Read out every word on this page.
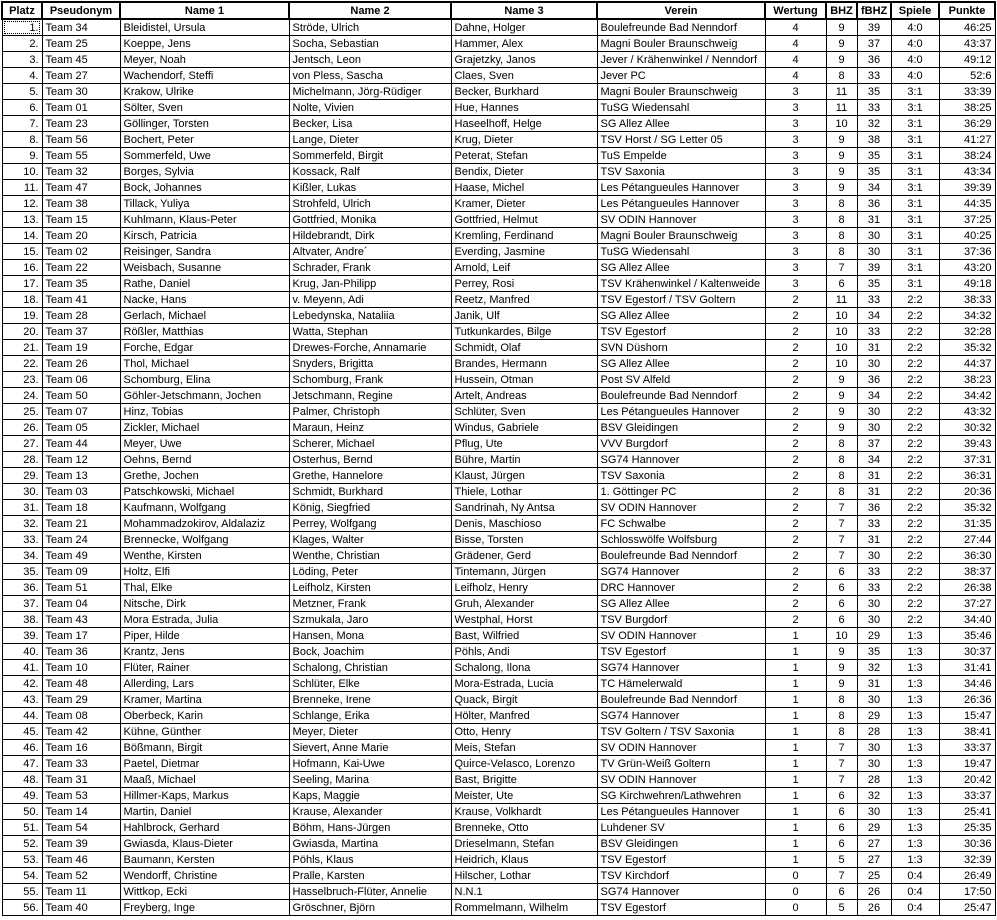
Platz	Pseudonym	Name 1	Name 2	Name 3	Verein	Wertung	BHZ	fBHZ	Spiele	Punkte
1.	Team 34	Bleidistel, Ursula	Ströde, Ulrich	Dahne, Holger	Boulefreunde Bad Nenndorf	4	9	39	4:0	46:25
2.	Team 25	Koeppe, Jens	Socha, Sebastian	Hammer, Alex	Magni Bouler Braunschweig	4	9	37	4:0	43:37
3.	Team 45	Meyer, Noah	Jentsch, Leon	Grajetzky, Janos	Jever / Krähenwinkel / Nenndorf	4	9	36	4:0	49:12
4.	Team 27	Wachendorf, Steffi	von Pless, Sascha	Claes, Sven	Jever PC	4	8	33	4:0	52:6
5.	Team 30	Krakow, Ulrike	Michelmann, Jörg-Rüdiger	Becker, Burkhard	Magni Bouler Braunschweig	3	11	35	3:1	33:39
6.	Team 01	Sölter, Sven	Nolte, Vivien	Hue, Hannes	TuSG Wiedensahl	3	11	33	3:1	38:25
7.	Team 23	Göllinger, Torsten	Becker, Lisa	Haseelhoff, Helge	SG Allez Allee	3	10	32	3:1	36:29
8.	Team 56	Bochert, Peter	Lange, Dieter	Krug, Dieter	TSV Horst / SG Letter 05	3	9	38	3:1	41:27
9.	Team 55	Sommerfeld, Uwe	Sommerfeld, Birgit	Peterat, Stefan	TuS Empelde	3	9	35	3:1	38:24
10.	Team 32	Borges, Sylvia	Kossack, Ralf	Bendix, Dieter	TSV Saxonia	3	9	35	3:1	43:34
11.	Team 47	Bock, Johannes	Kißler, Lukas	Haase, Michel	Les Pétangueules Hannover	3	9	34	3:1	39:39
12.	Team 38	Tillack, Yuliya	Strohfeld, Ulrich	Kramer, Dieter	Les Pétangueules Hannover	3	8	36	3:1	44:35
13.	Team 15	Kuhlmann, Klaus-Peter	Gottfried, Monika	Gottfried, Helmut	SV ODIN Hannover	3	8	31	3:1	37:25
14.	Team 20	Kirsch, Patricia	Hildebrandt, Dirk	Kremling, Ferdinand	Magni Bouler Braunschweig	3	8	30	3:1	40:25
15.	Team 02	Reisinger, Sandra	Altvater, Andre´	Everding, Jasmine	TuSG Wiedensahl	3	8	30	3:1	37:36
16.	Team 22	Weisbach, Susanne	Schrader, Frank	Arnold, Leif	SG Allez Allee	3	7	39	3:1	43:20
17.	Team 35	Rathe, Daniel	Krug, Jan-Philipp	Perrey, Rosi	TSV Krähenwinkel / Kaltenweide	3	6	35	3:1	49:18
18.	Team 41	Nacke, Hans	v. Meyenn, Adi	Reetz, Manfred	TSV Egestorf / TSV Goltern	2	11	33	2:2	38:33
19.	Team 28	Gerlach, Michael	Lebedynska, Nataliia	Janik, Ulf	SG Allez Allee	2	10	34	2:2	34:32
20.	Team 37	Rößler, Matthias	Watta, Stephan	Tutkunkardes, Bilge	TSV Egestorf	2	10	33	2:2	32:28
21.	Team 19	Forche, Edgar	Drewes-Forche, Annamarie	Schmidt, Olaf	SVN Düshorn	2	10	31	2:2	35:32
22.	Team 26	Thol, Michael	Snyders, Brigitta	Brandes, Hermann	SG Allez Allee	2	10	30	2:2	44:37
23.	Team 06	Schomburg, Elina	Schomburg, Frank	Hussein, Otman	Post SV Alfeld	2	9	36	2:2	38:23
24.	Team 50	Göhler-Jetschmann, Jochen	Jetschmann, Regine	Artelt, Andreas	Boulefreunde Bad Nenndorf	2	9	34	2:2	34:42
25.	Team 07	Hinz, Tobias	Palmer, Christoph	Schlüter, Sven	Les Pétangueules Hannover	2	9	30	2:2	43:32
26.	Team 05	Zickler, Michael	Maraun, Heinz	Windus, Gabriele	BSV Gleidingen	2	9	30	2:2	30:32
27.	Team 44	Meyer, Uwe	Scherer, Michael	Pflug, Ute	VVV Burgdorf	2	8	37	2:2	39:43
28.	Team 12	Oehns, Bernd	Osterhus, Bernd	Bühre, Martin	SG74 Hannover	2	8	34	2:2	37:31
29.	Team 13	Grethe, Jochen	Grethe, Hannelore	Klaust, Jürgen	TSV Saxonia	2	8	31	2:2	36:31
30.	Team 03	Patschkowski, Michael	Schmidt, Burkhard	Thiele, Lothar	1. Göttinger PC	2	8	31	2:2	20:36
31.	Team 18	Kaufmann, Wolfgang	König, Siegfried	Sandrinah, Ny Antsa	SV ODIN Hannover	2	7	36	2:2	35:32
32.	Team 21	Mohammadzokirov, Aldalaziz	Perrey, Wolfgang	Denis, Maschioso	FC Schwalbe	2	7	33	2:2	31:35
33.	Team 24	Brennecke, Wolfgang	Klages, Walter	Bisse, Torsten	Schlosswölfe Wolfsburg	2	7	31	2:2	27:44
34.	Team 49	Wenthe, Kirsten	Wenthe, Christian	Grädener, Gerd	Boulefreunde Bad Nenndorf	2	7	30	2:2	36:30
35.	Team 09	Holtz, Elfi	Löding, Peter	Tintemann, Jürgen	SG74 Hannover	2	6	33	2:2	38:37
36.	Team 51	Thal, Elke	Leifholz, Kirsten	Leifholz, Henry	DRC Hannover	2	6	33	2:2	26:38
37.	Team 04	Nitsche, Dirk	Metzner, Frank	Gruh, Alexander	SG Allez Allee	2	6	30	2:2	37:27
38.	Team 43	Mora Estrada, Julia	Szmukala, Jaro	Westphal, Horst	TSV Burgdorf	2	6	30	2:2	34:40
39.	Team 17	Piper, Hilde	Hansen, Mona	Bast, Wilfried	SV ODIN Hannover	1	10	29	1:3	35:46
40.	Team 36	Krantz, Jens	Bock, Joachim	Pöhls, Andi	TSV Egestorf	1	9	35	1:3	30:37
41.	Team 10	Flüter, Rainer	Schalong, Christian	Schalong, Ilona	SG74 Hannover	1	9	32	1:3	31:41
42.	Team 48	Allerding, Lars	Schlüter, Elke	Mora-Estrada, Lucia	TC Hämelerwald	1	9	31	1:3	34:46
43.	Team 29	Kramer, Martina	Brenneke, Irene	Quack, Birgit	Boulefreunde Bad Nenndorf	1	8	30	1:3	26:36
44.	Team 08	Oberbeck, Karin	Schlange, Erika	Hölter, Manfred	SG74 Hannover	1	8	29	1:3	15:47
45.	Team 42	Kühne, Günther	Meyer, Dieter	Otto, Henry	TSV Goltern / TSV Saxonia	1	8	28	1:3	38:41
46.	Team 16	Bößmann, Birgit	Sievert, Anne Marie	Meis, Stefan	SV ODIN Hannover	1	7	30	1:3	33:37
47.	Team 33	Paetel, Dietmar	Hofmann, Kai-Uwe	Quirce-Velasco, Lorenzo	TV Grün-Weiß Goltern	1	7	30	1:3	19:47
48.	Team 31	Maaß, Michael	Seeling, Marina	Bast, Brigitte	SV ODIN Hannover	1	7	28	1:3	20:42
49.	Team 53	Hillmer-Kaps, Markus	Kaps, Maggie	Meister, Ute	SG Kirchwehren/Lathwehren	1	6	32	1:3	33:37
50.	Team 14	Martin, Daniel	Krause, Alexander	Krause, Volkhardt	Les Pétangueules Hannover	1	6	30	1:3	25:41
51.	Team 54	Hahlbrock, Gerhard	Böhm, Hans-Jürgen	Brenneke, Otto	Luhdener SV	1	6	29	1:3	25:35
52.	Team 39	Gwiasda, Klaus-Dieter	Gwiasda, Martina	Drieselmann, Stefan	BSV Gleidingen	1	6	27	1:3	30:36
53.	Team 46	Baumann, Kersten	Pöhls, Klaus	Heidrich, Klaus	TSV Egestorf	1	5	27	1:3	32:39
54.	Team 52	Wendorff, Christine	Pralle, Karsten	Hilscher, Lothar	TSV Kirchdorf	0	7	25	0:4	26:49
55.	Team 11	Wittkop, Ecki	Hasselbruch-Flüter, Annelie	N.N.1	SG74 Hannover	0	6	26	0:4	17:50
56.	Team 40	Freyberg, Inge	Gröschner, Björn	Rommelmann, Wilhelm	TSV Egestorf	0	5	26	0:4	25:47
